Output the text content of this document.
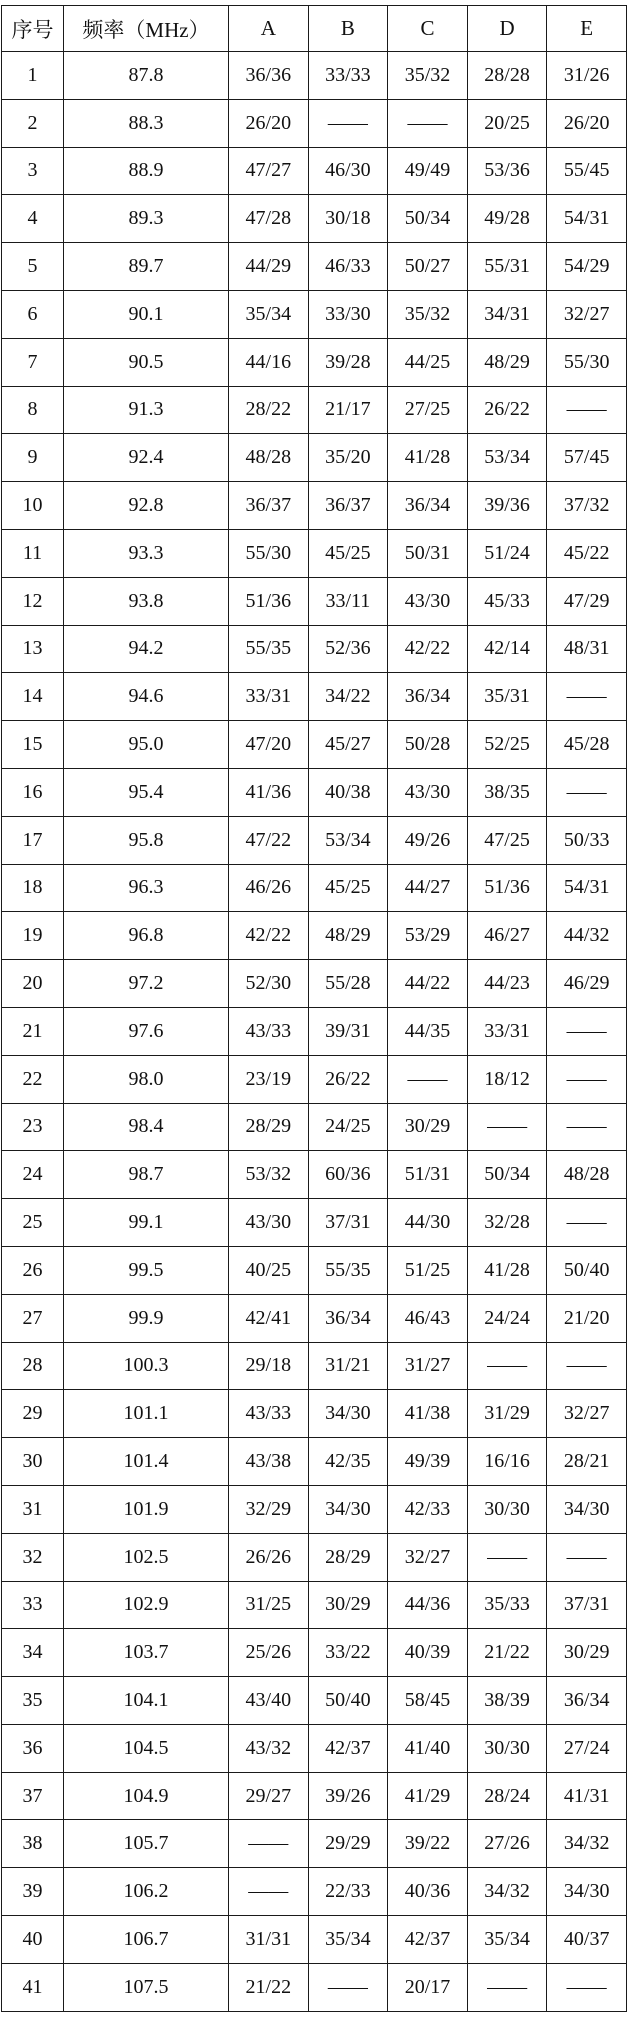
序号	频率（MHz）	A	B	C	D	E
1	87.8	36/36	33/33	35/32	28/28	31/26
2	88.3	26/20	——	——	20/25	26/20
3	88.9	47/27	46/30	49/49	53/36	55/45
4	89.3	47/28	30/18	50/34	49/28	54/31
5	89.7	44/29	46/33	50/27	55/31	54/29
6	90.1	35/34	33/30	35/32	34/31	32/27
7	90.5	44/16	39/28	44/25	48/29	55/30
8	91.3	28/22	21/17	27/25	26/22	——
9	92.4	48/28	35/20	41/28	53/34	57/45
10	92.8	36/37	36/37	36/34	39/36	37/32
11	93.3	55/30	45/25	50/31	51/24	45/22
12	93.8	51/36	33/11	43/30	45/33	47/29
13	94.2	55/35	52/36	42/22	42/14	48/31
14	94.6	33/31	34/22	36/34	35/31	——
15	95.0	47/20	45/27	50/28	52/25	45/28
16	95.4	41/36	40/38	43/30	38/35	——
17	95.8	47/22	53/34	49/26	47/25	50/33
18	96.3	46/26	45/25	44/27	51/36	54/31
19	96.8	42/22	48/29	53/29	46/27	44/32
20	97.2	52/30	55/28	44/22	44/23	46/29
21	97.6	43/33	39/31	44/35	33/31	——
22	98.0	23/19	26/22	——	18/12	——
23	98.4	28/29	24/25	30/29	——	——
24	98.7	53/32	60/36	51/31	50/34	48/28
25	99.1	43/30	37/31	44/30	32/28	——
26	99.5	40/25	55/35	51/25	41/28	50/40
27	99.9	42/41	36/34	46/43	24/24	21/20
28	100.3	29/18	31/21	31/27	——	——
29	101.1	43/33	34/30	41/38	31/29	32/27
30	101.4	43/38	42/35	49/39	16/16	28/21
31	101.9	32/29	34/30	42/33	30/30	34/30
32	102.5	26/26	28/29	32/27	——	——
33	102.9	31/25	30/29	44/36	35/33	37/31
34	103.7	25/26	33/22	40/39	21/22	30/29
35	104.1	43/40	50/40	58/45	38/39	36/34
36	104.5	43/32	42/37	41/40	30/30	27/24
37	104.9	29/27	39/26	41/29	28/24	41/31
38	105.7	——	29/29	39/22	27/26	34/32
39	106.2	——	22/33	40/36	34/32	34/30
40	106.7	31/31	35/34	42/37	35/34	40/37
41	107.5	21/22	——	20/17	——	——
